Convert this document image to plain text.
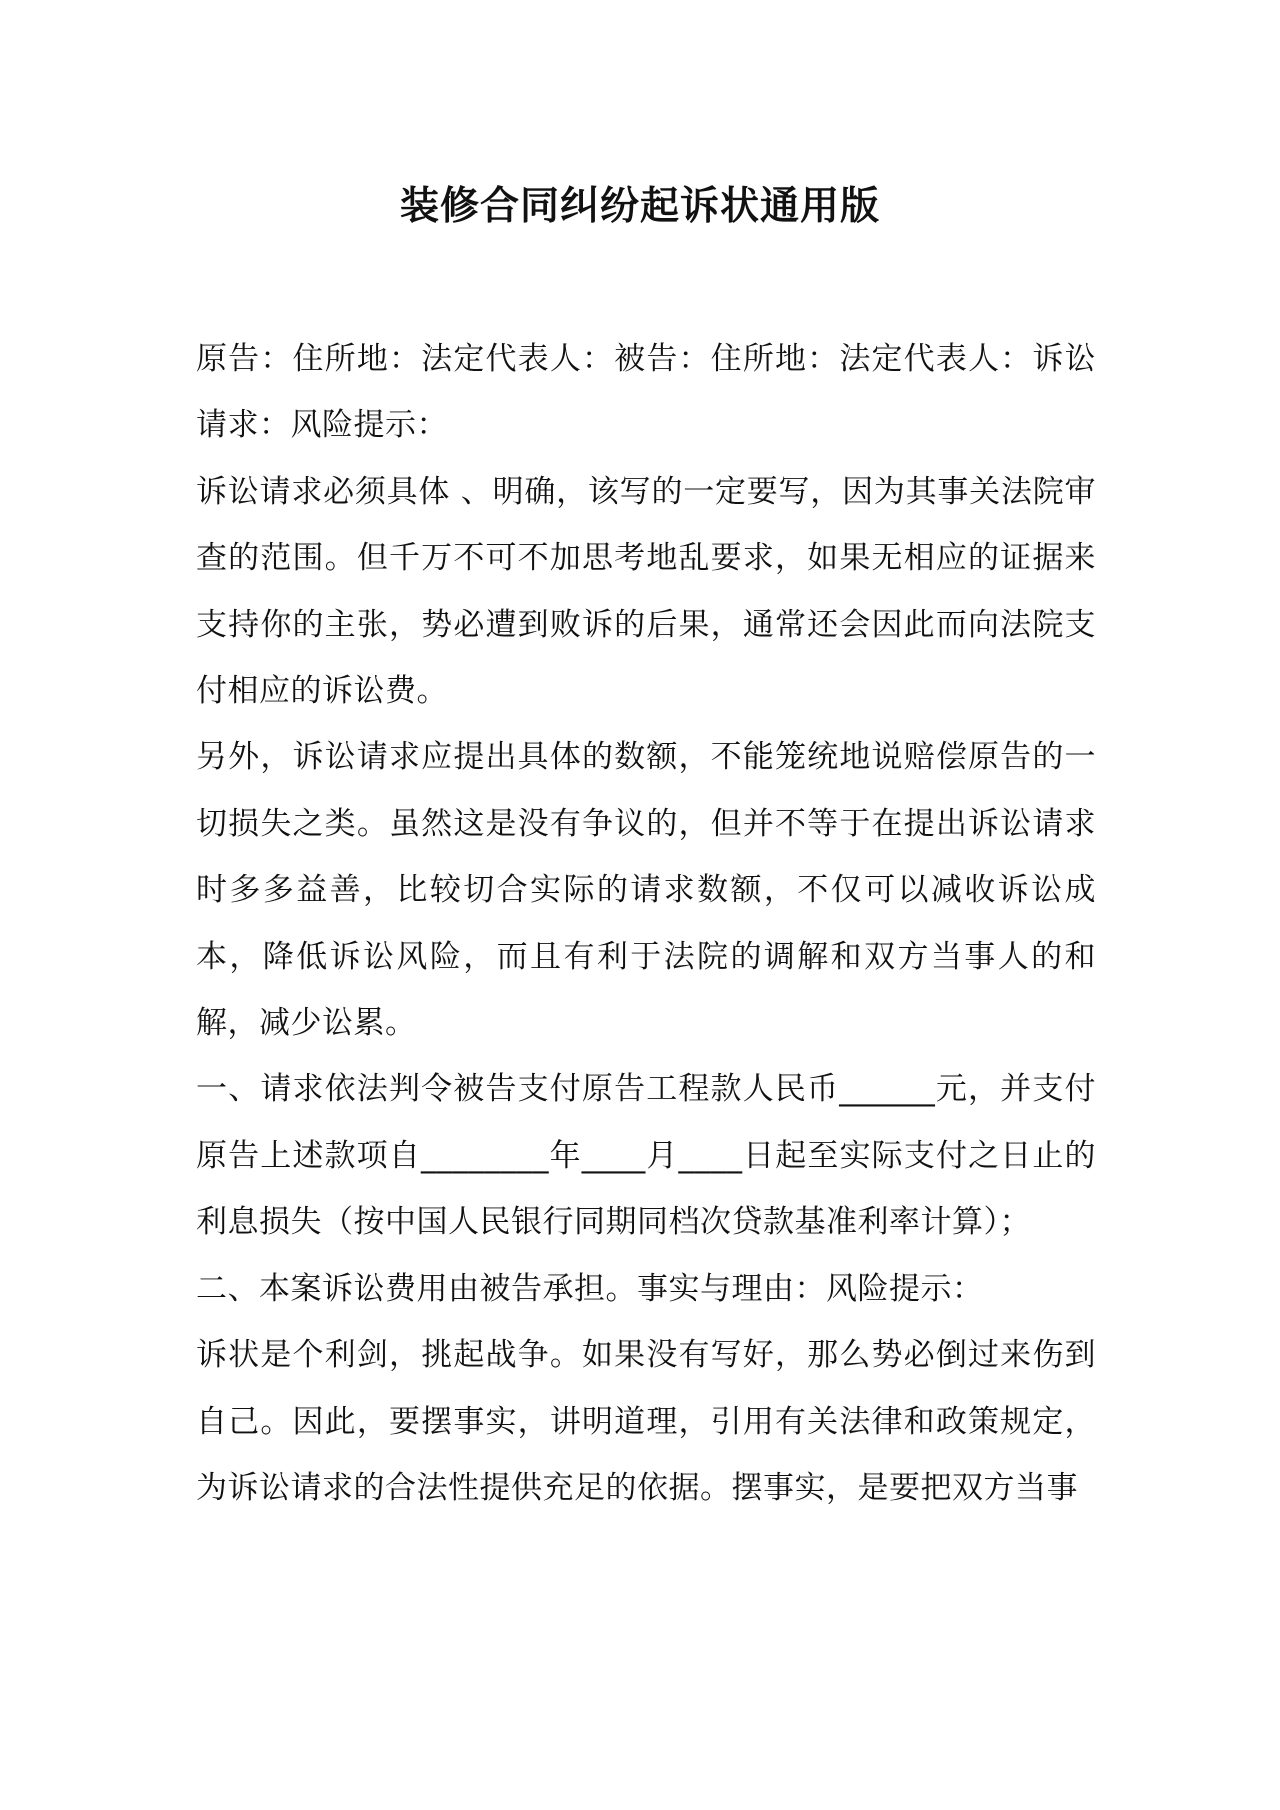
装修合同纠纷起诉状通用版

原告：住所地：法定代表人：被告：住所地：法定代表人：诉讼请求：风险提示：

诉讼请求必须具体 、明确，该写的一定要写，因为其事关法院审查的范围。但千万不可不加思考地乱要求，如果无相应的证据来支持你的主张，势必遭到败诉的后果，通常还会因此而向法院支付相应的诉讼费。

另外，诉讼请求应提出具体的数额，不能笼统地说赔偿原告的一切损失之类。虽然这是没有争议的，但并不等于在提出诉讼请求时多多益善，比较切合实际的请求数额，不仅可以减收诉讼成本，降低诉讼风险，而且有利于法院的调解和双方当事人的和解，减少讼累。

一、请求依法判令被告支付原告工程款人民币______元，并支付原告上述款项自________年____月____日起至实际支付之日止的利息损失（按中国人民银行同期同档次贷款基准利率计算）；

二、本案诉讼费用由被告承担。事实与理由：风险提示：

诉状是个利剑，挑起战争。如果没有写好，那么势必倒过来伤到自己。因此，要摆事实，讲明道理，引用有关法律和政策规定，为诉讼请求的合法性提供充足的依据。摆事实，是要把双方当事
